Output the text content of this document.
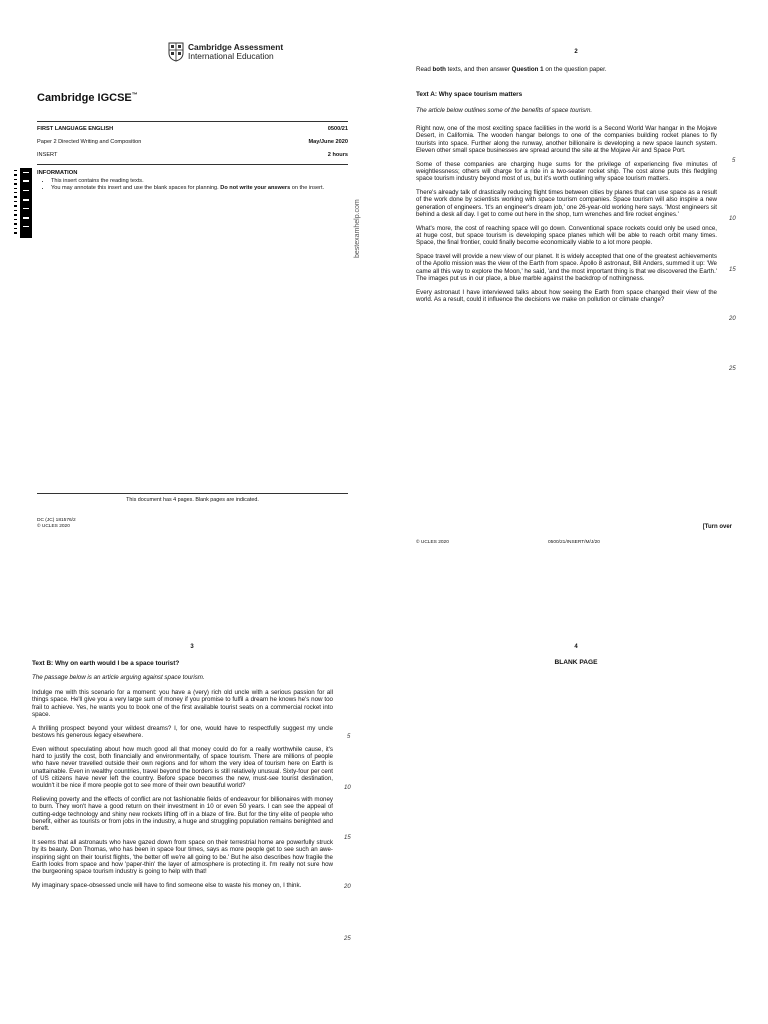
Cambridge Assessment
International Education
Cambridge IGCSE™
FIRST LANGUAGE ENGLISH	0500/21
Paper 2 Directed Writing and Composition	May/June 2020
INSERT	2 hours
INFORMATION
• This insert contains the reading texts.
• You may annotate this insert and use the blank spaces for planning. Do not write your answers on the insert.
bestexamhelp.com
This document has 4 pages. Blank pages are indicated.
DC (JC) 181576/2
© UCLES 2020	[Turn over
2
Read both texts, and then answer Question 1 on the question paper.
Text A: Why space tourism matters
The article below outlines some of the benefits of space tourism.

Right now, one of the most exciting space facilities in the world is a Second World War hangar in the Mojave Desert, in California. The wooden hangar belongs to one of the companies building rocket planes to fly tourists into space. Further along the runway, another billionaire is developing a new space launch system. Eleven other small space businesses are spread around the site at the Mojave Air and Space Port.

Some of these companies are charging huge sums for the privilege of experiencing five minutes of weightlessness; others will charge for a ride in a two-seater rocket ship. The cost alone puts this fledgling space tourism industry beyond most of us, but it's worth outlining why space tourism matters.

There's already talk of drastically reducing flight times between cities by planes that can use space as a result of the work done by scientists working with space tourism companies. Space tourism will also inspire a new generation of engineers. 'It's an engineer's dream job,' one 26-year-old working here says. 'Most engineers sit behind a desk all day. I get to come out here in the shop, turn wrenches and fire rocket engines.'

What's more, the cost of reaching space will go down. Conventional space rockets could only be used once, at huge cost, but space tourism is developing space planes which will be able to reach orbit many times. Space, the final frontier, could finally become economically viable to a lot more people.

Space travel will provide a new view of our planet. It is widely accepted that one of the greatest achievements of the Apollo mission was the view of the Earth from space. Apollo 8 astronaut, Bill Anders, summed it up: 'We came all this way to explore the Moon,' he said, 'and the most important thing is that we discovered the Earth.' The images put us in our place, a blue marble against the backdrop of nothingness.

Every astronaut I have interviewed talks about how seeing the Earth from space changed their view of the world. As a result, could it influence the decisions we make on pollution or climate change?

5
10
15
20
25
© UCLES 2020	0500/21/INSERT/M/J/20
3
Text B: Why on earth would I be a space tourist?
The passage below is an article arguing against space tourism.

Indulge me with this scenario for a moment: you have a (very) rich old uncle with a serious passion for all things space. He'll give you a very large sum of money if you promise to fulfil a dream he knows he's now too frail to achieve. Yes, he wants you to book one of the first available tourist seats on a commercial rocket into space.

A thrilling prospect beyond your wildest dreams? I, for one, would have to respectfully suggest my uncle bestows his generous legacy elsewhere.

Even without speculating about how much good all that money could do for a really worthwhile cause, it's hard to justify the cost, both financially and environmentally, of space tourism. There are millions of people who have never travelled outside their own regions and for whom the very idea of tourism here on Earth is unattainable. Even in wealthy countries, travel beyond the borders is still relatively unusual. Sixty-four per cent of US citizens have never left the country. Before space becomes the new, must-see tourist destination, wouldn't it be nice if more people got to see more of their own beautiful world?

Relieving poverty and the effects of conflict are not fashionable fields of endeavour for billionaires with money to burn. They won't have a good return on their investment in 10 or even 50 years. I can see the appeal of cutting-edge technology and shiny new rockets lifting off in a blaze of fire. But for the tiny elite of people who benefit, either as tourists or from jobs in the industry, a huge and struggling population remains benighted and bereft.

It seems that all astronauts who have gazed down from space on their terrestrial home are powerfully struck by its beauty. Don Thomas, who has been in space four times, says as more people get to see such an awe-inspiring sight on their tourist flights, 'the better off we're all going to be.' But he also describes how fragile the Earth looks from space and how 'paper-thin' the layer of atmosphere is protecting it. I'm really not sure how the burgeoning space tourism industry is going to help with that!

My imaginary space-obsessed uncle will have to find someone else to waste his money on, I think.

5
10
15
20
25
4
BLANK PAGE
